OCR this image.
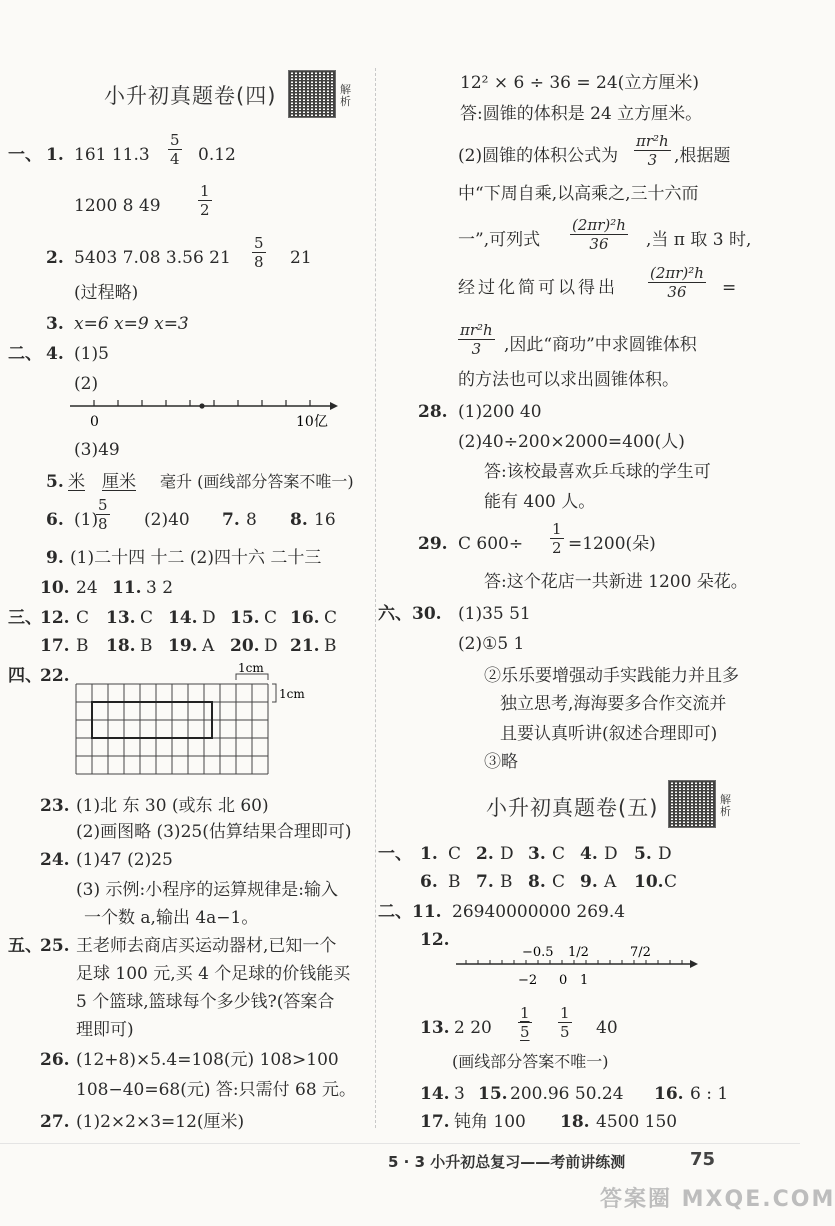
小升初真题卷(四)	解析
一、 1. 161 11.3
5
4 0.12
1200 8 49
1
2
2. 5403 7.08 3.56 21
5
8 21
(过程略)
3. x=6 x=9 x=3
二、 4. (1)5
(2)
0	10亿
(3)49
5. 米 厘米 毫升 (画线部分答案不唯一)
6. (1)
5
8 (2)40 7. 8 8. 16
9. (1)二十四 十二 (2)四十六 二十三
10. 24 11. 3 2
三、
12. C 13. C 14. D 15. C 16. C
17. B 18. B 19. A 20. D 21. B
四、
22.	1cm
1cm
23. (1)北 东 30 (或东 北 60)
(2)画图略 (3)25(估算结果合理即可)
24. (1)47 (2)25
(3) 示例:小程序的运算规律是:输入
一个数 a,输出 4a−1。
五、
25. 王老师去商店买运动器材,已知一个
足球 100 元,买 4 个足球的价钱能买
5 个篮球,篮球每个多少钱?(答案合
理即可)
26. (12+8)×5.4=108(元) 108>100
108−40=68(元) 答:只需付 68 元。
27. (1)2×2×3=12(厘米)
12² × 6 ÷ 36 = 24(立方厘米)
答:圆锥的体积是 24 立方厘米。
(2)圆锥的体积公式为
πr²h
3 ,根据题
中“下周自乘,以高乘之,三十六而
一”,可列式
(2πr)²h
36 ,当 π 取 3 时,
经过化简可以得出
(2πr)²h
36 =
πr²h
3 ,因此“商功”中求圆锥体积
的方法也可以求出圆锥体积。
28. (1)200 40
(2)40÷200×2000=400(人)
答:该校最喜欢乒乓球的学生可
能有 400 人。
29. C 600÷
1
2 =1200(朵)
答:这个花店一共新进 1200 朵花。
六、 30. (1)35 51
(2)①5 1
②乐乐要增强动手实践能力并且多
独立思考,海海要多合作交流并
且要认真听讲(叙述合理即可)
③略
小升初真题卷(五)	解析
一、 1. C 2. D 3. C 4. D 5. D
6. B 7. B 8. C 9. A 10. C
二、 11. 26940000000 269.4
12.
−0.5 1/2	7/2
−2 0 1
13. 2 20
1
5
1
5 40
(画线部分答案不唯一)
14. 3 15. 200.96 50.24 16. 6 : 1
17. 钝角 100 18. 4500 150
5 · 3 小升初总复习——考前讲练测	75
答案圈 MXQE.COM
